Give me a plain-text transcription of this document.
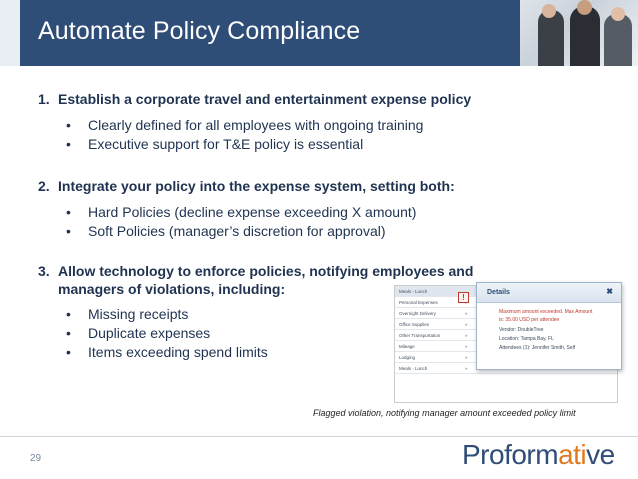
Automate Policy Compliance
1. Establish a corporate travel and entertainment expense policy
• Clearly defined for all employees with ongoing training
• Executive support for T&E policy is essential
2. Integrate your policy into the expense system, setting both:
• Hard Policies (decline expense exceeding X amount)
• Soft Policies (manager’s discretion for approval)
3. Allow technology to enforce policies, notifying employees and
managers of violations, including:
• Missing receipts
• Duplicate expenses
• Items exceeding spend limits
Meals - Lunch
Personal Expenses
Overnight Delivery	»
Office Supplies	»
Other Transportation	»
Mileage	»
Lodging	»
Meals - Lunch	»
!
Details	✖
Maximum amount exceeded. Max Amount
is: 35.00 USD per attendee
Vendor: DoubleTree
Location: Tampa Bay, FL
Attendees (1): Jennifer Smith, Self
Flagged violation, notifying manager amount exceeded policy limit
29	Proformative
